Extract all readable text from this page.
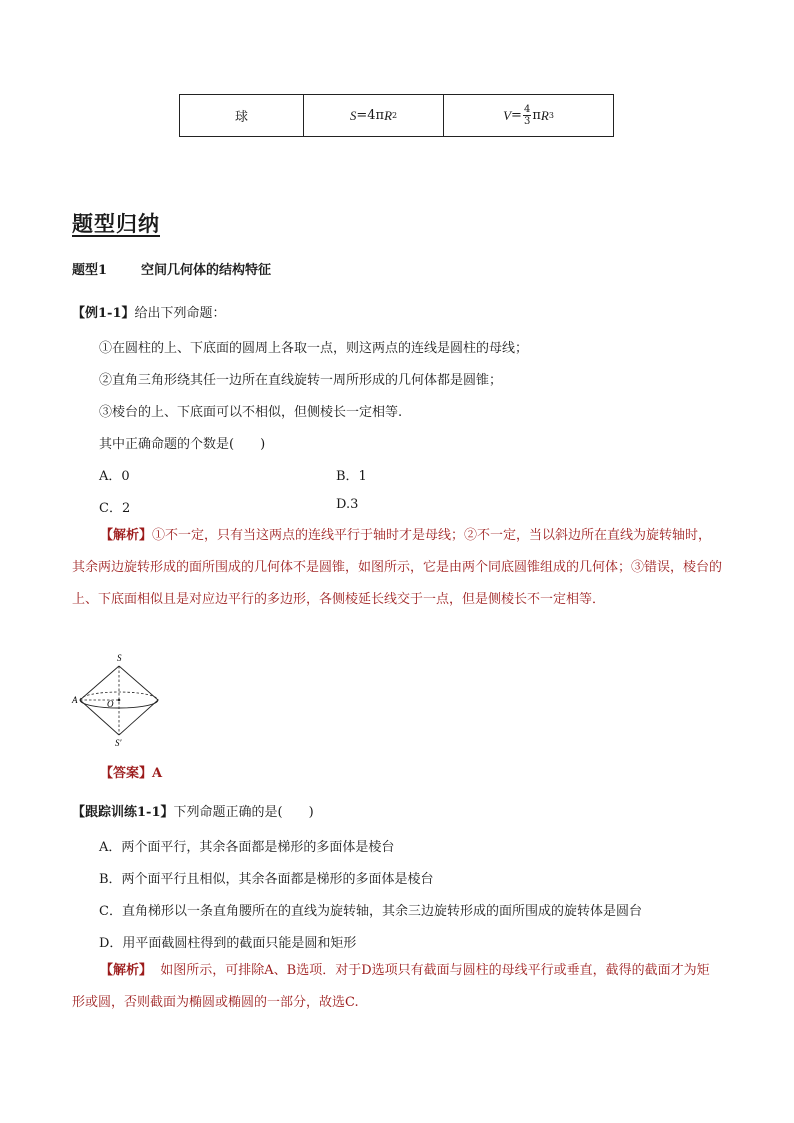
球	S =4π R 2	$V = \frac{4}{3}$ π R 3
题型归纳
题型1	空间几何体的结构特征
【例1-1】给出下列命题：
①在圆柱的上、下底面的圆周上各取一点，则这两点的连线是圆柱的母线；
②直角三角形绕其任一边所在直线旋转一周所形成的几何体都是圆锥；
③棱台的上、下底面可以不相似，但侧棱长一定相等.
其中正确命题的个数是(　　)
A．0	B．1
C．2	D.3
【解析】①不一定，只有当这两点的连线平行于轴时才是母线；②不一定，当以斜边所在直线为旋转轴时，其余两边旋转形成的面所围成的几何体不是圆锥，如图所示，它是由两个同底圆锥组成的几何体；③错误，棱台的上、下底面相似且是对应边平行的多边形，各侧棱延长线交于一点，但是侧棱长不一定相等．
S
A	O
S′
【答案】A
【跟踪训练1-1】下列命题正确的是(　　)
A．两个面平行，其余各面都是梯形的多面体是棱台
B．两个面平行且相似，其余各面都是梯形的多面体是棱台
C．直角梯形以一条直角腰所在的直线为旋转轴，其余三边旋转形成的面所围成的旋转体是圆台
D．用平面截圆柱得到的截面只能是圆和矩形
【解析】 如图所示，可排除A、B选项．对于D选项只有截面与圆柱的母线平行或垂直，截得的截面才为矩形或圆，否则截面为椭圆或椭圆的一部分，故选C.
